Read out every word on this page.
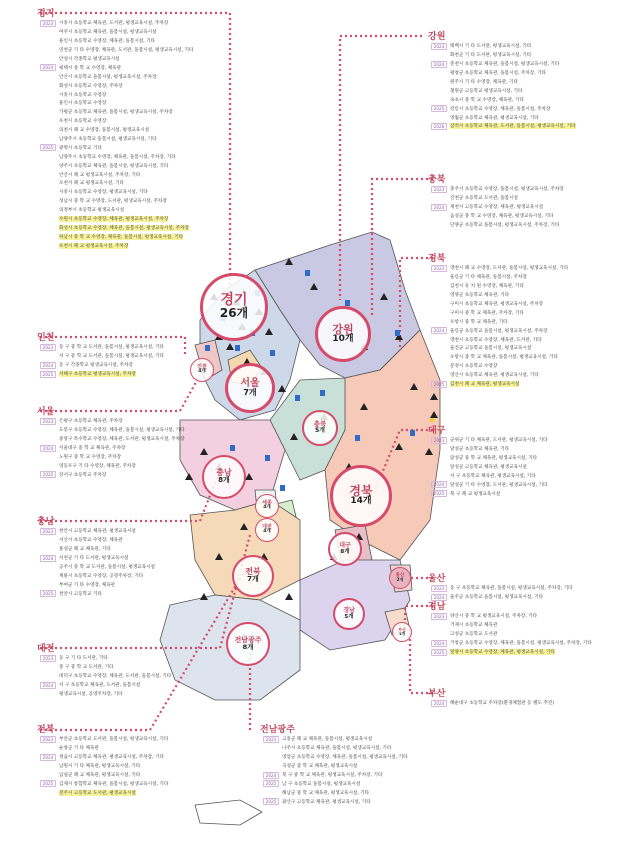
경기
26개
강원
10개
인천
4개
서울
7개
충북
5개
충남
8개
경북
14개
세종
4개
대전
4개
대구
8개
전북
7개
울산
2개
경남
5개
부산
1개
전남광주
8개
경기
2023	시흥시 초등학교 체육관, 도서관, 평생교육시설, 주차장
여주시 초등학교 체육관, 돌봄시설, 평생교육시설
용인시 초등학교 수영장, 체육관, 돌봄시설, 기타
연천군 기 타 수영장, 체육관, 도서관, 돌봄시설, 평생교육시설, 기타
안성시 각종학교 평생교육시설
2024	평택시 중 학 교 수영장, 체육관
안산시 초등학교 돌봄시설, 평생교육시설, 주차장
화성시 초등학교 수영장, 주차장
시흥시 초등학교 수영장
용인시 초등학교 수영장
가평군 초등학교 체육관, 돌봄시설, 평생교육시설, 주차장
포천시 초등학교 수영장
의천시 폐 교 수영장, 돌봄시설, 평생교육시설
남양주시 초등학교 돌봄시설, 평생교육시설, 기타
2025	광명시 초등학교 기타
남양주시 초등학교 수영장, 체육관, 돌봄시설, 주차장, 기타
양주시 초등학교 체육관, 돌봄시설, 평생교육시설, 기타
안산시 폐 교 평생교육시설, 주차장, 기타
포천시 폐 교 평생교육시설, 기타
시흥시 초등학교 수영장, 평생교육시설, 기타
성남시 중 학 교 수영장, 도서관, 평생교육시설, 주차장
의정부시 초등학교 평생교육시설
수원시 초등학교 수영장, 체육관, 평생교육시설, 주차장
화성시 초등학교 수영장, 체육관, 돌봄시설, 평생교육시설, 주차장
하남시 중 학 교 수영장, 체육관, 돌봄시설, 평생교육시설, 기타
포천시 폐 교 평생교육시설, 주차장
인천
2023	동 구 중 학 교 도서관, 돌봄시설, 평생교육시설, 기타
서 구 중 학 교 도서관, 돌봄시설, 평생교육시설, 기타
2024	동 구 각종학교 평생교육시설, 주차장
2025	서해구 초등학교 평생교육시설, 주차장
서울
2023	은평구 초등학교 체육관, 주차장
도봉구 초등학교 수영장, 체육관, 돌봄시설, 평생교육시설, 기타
중랑구 특수학교 수영장, 체육관, 도서관, 평생교육시설, 주차장
2024	서울대구 중 학 교 체육관, 주차장
노원구 중 학 교 수영장, 주차장
영등포구 기 타 수영장, 체육관, 주차장
2025	강서구 초등학교 주차장
충남
2023	천안시 고등학교 체육관, 평생교육시설
서산시 초등학교 수영장, 체육관
홍성군 폐 교 체육관, 기타
2024	서천군 기 타 도서관, 평생교육시설
공주시 중 학 교 도서관, 돌봄시설, 평생교육시설
계룡시 초등학교 수영장, 공영주차장, 기타
부여군 기 타 수영장, 체육관
2025	천안시 고등학교 기타
대전
2023	동 구 기 타 도서관, 기타
중 구 중 학 교 도서관, 기타
대덕구 초등학교 수영장, 체육관, 도서관, 돌봄시설, 기타
2024	서 구 초등학교 체육관, 도서관, 돌봄시설
평생교육시설, 공영주차장, 기타
전북
2023	부안군 초등학교 도서관, 돌봄시설, 평생교육시설, 기타
순창군 기 타 체육관
2024	정읍시 고등학교 체육관, 평생교육시설, 주차장, 기타
남원시 기 타 체육관, 평생교육시설, 기타
임실군 폐 교 체육관, 평생교육시설, 기타
2025	김제시 통합학교 체육관, 돌봄시설, 평생교육시설, 기타
전주시 고등학교 도서관, 평생교육시설
전남광주
2023	고흥군 폐 교 체육관, 돌봄시설, 평생교육시설
나주시 초등학교 체육관, 돌봄시설, 평생교육시설, 기타
영암군 초등학교 수영장, 체육관, 돌봄시설, 평생교육시설, 기타
곡성군 중 학 교 체육관, 평생교육시설
2024	북 구 중 학 교 체육관, 평생교육시설, 주차장, 기타
2025	남 구 초등학교 돌봄시설, 평생교육시설
해남군 중 학 교 체육관, 평생교육시설, 기타
2025	광산구 고등학교 체육관, 평생교육시설, 기타
강원
2023	태백시 기 타 도서관, 평생교육시설, 기타
화천군 기 타 도서관, 평생교육시설, 기타
2024	춘천시 초등학교 체육관, 돌봄시설, 평생교육시설, 기타
평창군 초등학교 체육관, 돌봄시설, 주차장, 기타
원주시 기 타 수영장, 체육관, 기타
철원군 고등학교 평생교육시설, 기타
속초시 중 학 교 수영장, 체육관, 기타
2025	강릉시 초등학교 수영장, 체육관, 돌봄시설, 주차장
영월군 초등학교 체육관, 평생교육시설, 기타
2026	삼척시 초등학교 체육관, 도서관, 돌봄시설, 평생교육시설, 기타
충북
2023	충주시 초등학교 수영장, 돌봄시설, 평생교육시설, 주차장
진천군 초등학교 도서관, 돌봄시설
2024	제천시 고등학교 수영장, 체육관, 평생교육시설
음성군 중 학 교 수영장, 체육관, 평생교육시설, 기타
단양군 초등학교 돌봄시설, 평생교육시설, 주차장, 기타
경북
2023	영천시 폐 교 수영장, 도서관, 돌봄시설, 평생교육시설, 기타
울릉군 기 타 체육관, 돌봄시설, 주차장
김천시 유 치 원 수영장, 체육관, 기타
영양군 초등학교 체육관, 기타
구미시 초등학교 체육관, 평생교육시설, 주차장
구미시 중 학 교 체육관, 주차장, 기타
포항시 중 학 교 체육관, 기타
2024	울릉군 초등학교 돌봄시설, 평생교육시설, 주차장
영천시 초등학교 수영장, 체육관, 도서관, 기타
울진군 고등학교 돌봄시설, 평생교육시설
포항시 중 학 교 체육관, 돌봄시설, 평생교육시설, 기타
문경시 초등학교 수영장
영산시 초등학교 체육관, 평생교육시설, 기타
2025	김천시 폐 교 체육관, 평생교육시설
대구
2023	군위군 기 타 체육관, 도서관, 평생교육시설, 기타
달성군 초등학교 체육관, 기타
달성군 중 학 교 체육관, 평생교육시설, 기타
달성군 고등학교 체육관, 평생교육시설
서 구 초등학교 체육관, 평생교육시설, 기타
2024	달성군 기 타 수영장, 도서관, 평생교육시설, 기타
2025	북 구 폐 교 평생교육시설
울산
2023	동 구 초등학교 체육관, 돌봄시설, 평생교육시설, 주차장, 기타
2024	울주군 초등학교 돌봄시설, 평생교육시설, 기타
경남
2023	양산시 중 학 교 평생교육시설, 주차장, 기타
거제시 초등학교 체육관
고성군 초등학교 도서관
2024	거창군 초등학교 수영장, 체육관, 돌봄시설, 평생교육시설, 주차장, 기타
2025	밀양시 초등학교 수영장, 체육관, 평생교육시설, 기타
부산
2024	해운대구 초등학교 주차장(환경체험관 등 별도 추진)
